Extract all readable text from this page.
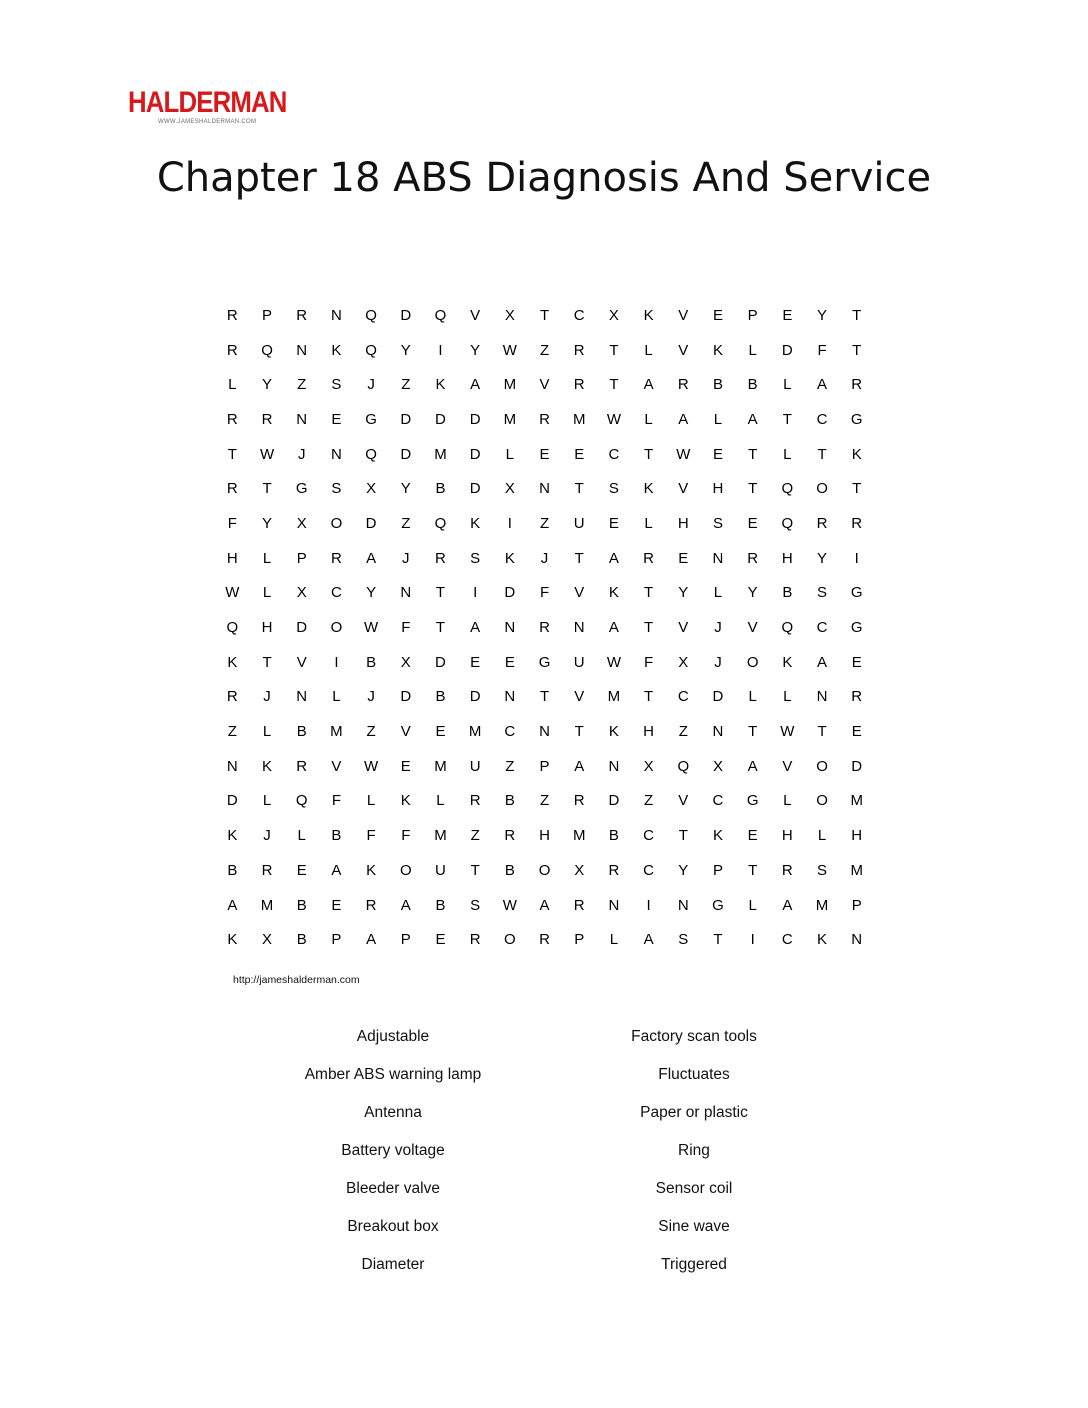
HALDERMAN
WWW.JAMESHALDERMAN.COM
Chapter 18 ABS Diagnosis And Service
R	P	R	N	Q	D	Q	V	X	T	C	X	K	V	E	P	E	Y	T
R	Q	N	K	Q	Y	I	Y	W	Z	R	T	L	V	K	L	D	F	T
L	Y	Z	S	J	Z	K	A	M	V	R	T	A	R	B	B	L	A	R
R	R	N	E	G	D	D	D	M	R	M	W	L	A	L	A	T	C	G
T	W	J	N	Q	D	M	D	L	E	E	C	T	W	E	T	L	T	K
R	T	G	S	X	Y	B	D	X	N	T	S	K	V	H	T	Q	O	T
F	Y	X	O	D	Z	Q	K	I	Z	U	E	L	H	S	E	Q	R	R
H	L	P	R	A	J	R	S	K	J	T	A	R	E	N	R	H	Y	I
W	L	X	C	Y	N	T	I	D	F	V	K	T	Y	L	Y	B	S	G
Q	H	D	O	W	F	T	A	N	R	N	A	T	V	J	V	Q	C	G
K	T	V	I	B	X	D	E	E	G	U	W	F	X	J	O	K	A	E
R	J	N	L	J	D	B	D	N	T	V	M	T	C	D	L	L	N	R
Z	L	B	M	Z	V	E	M	C	N	T	K	H	Z	N	T	W	T	E
N	K	R	V	W	E	M	U	Z	P	A	N	X	Q	X	A	V	O	D
D	L	Q	F	L	K	L	R	B	Z	R	D	Z	V	C	G	L	O	M
K	J	L	B	F	F	M	Z	R	H	M	B	C	T	K	E	H	L	H
B	R	E	A	K	O	U	T	B	O	X	R	C	Y	P	T	R	S	M
A	M	B	E	R	A	B	S	W	A	R	N	I	N	G	L	A	M	P
K	X	B	P	A	P	E	R	O	R	P	L	A	S	T	I	C	K	N
http://jameshalderman.com
Adjustable
Amber ABS warning lamp
Antenna
Battery voltage
Bleeder valve
Breakout box
Diameter
Factory scan tools
Fluctuates
Paper or plastic
Ring
Sensor coil
Sine wave
Triggered
